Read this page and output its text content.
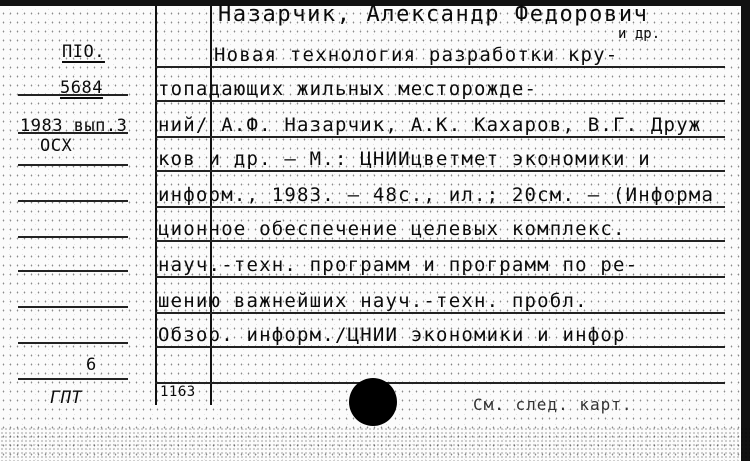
Назарчик, Александр Федорович
и др.
ПІО.
5684
1983 вып.3
ОСХ
6
ГПТ	1163
Новая технология разработки кру-
топадающих жильных месторожде-
ний/ А.Ф. Назарчик, А.К. Кахаров, В.Г. Друж
ков и др. — М.: ЦНИИцветмет экономики и
информ., 1983. — 48с., ил.; 20см. — (Информа
ционное обеспечение целевых комплекс.
науч.-техн. программ и программ по ре-
шению важнейших науч.-техн. пробл.
Обзор. информ./ЦНИИ экономики и инфор
См. след. карт.
